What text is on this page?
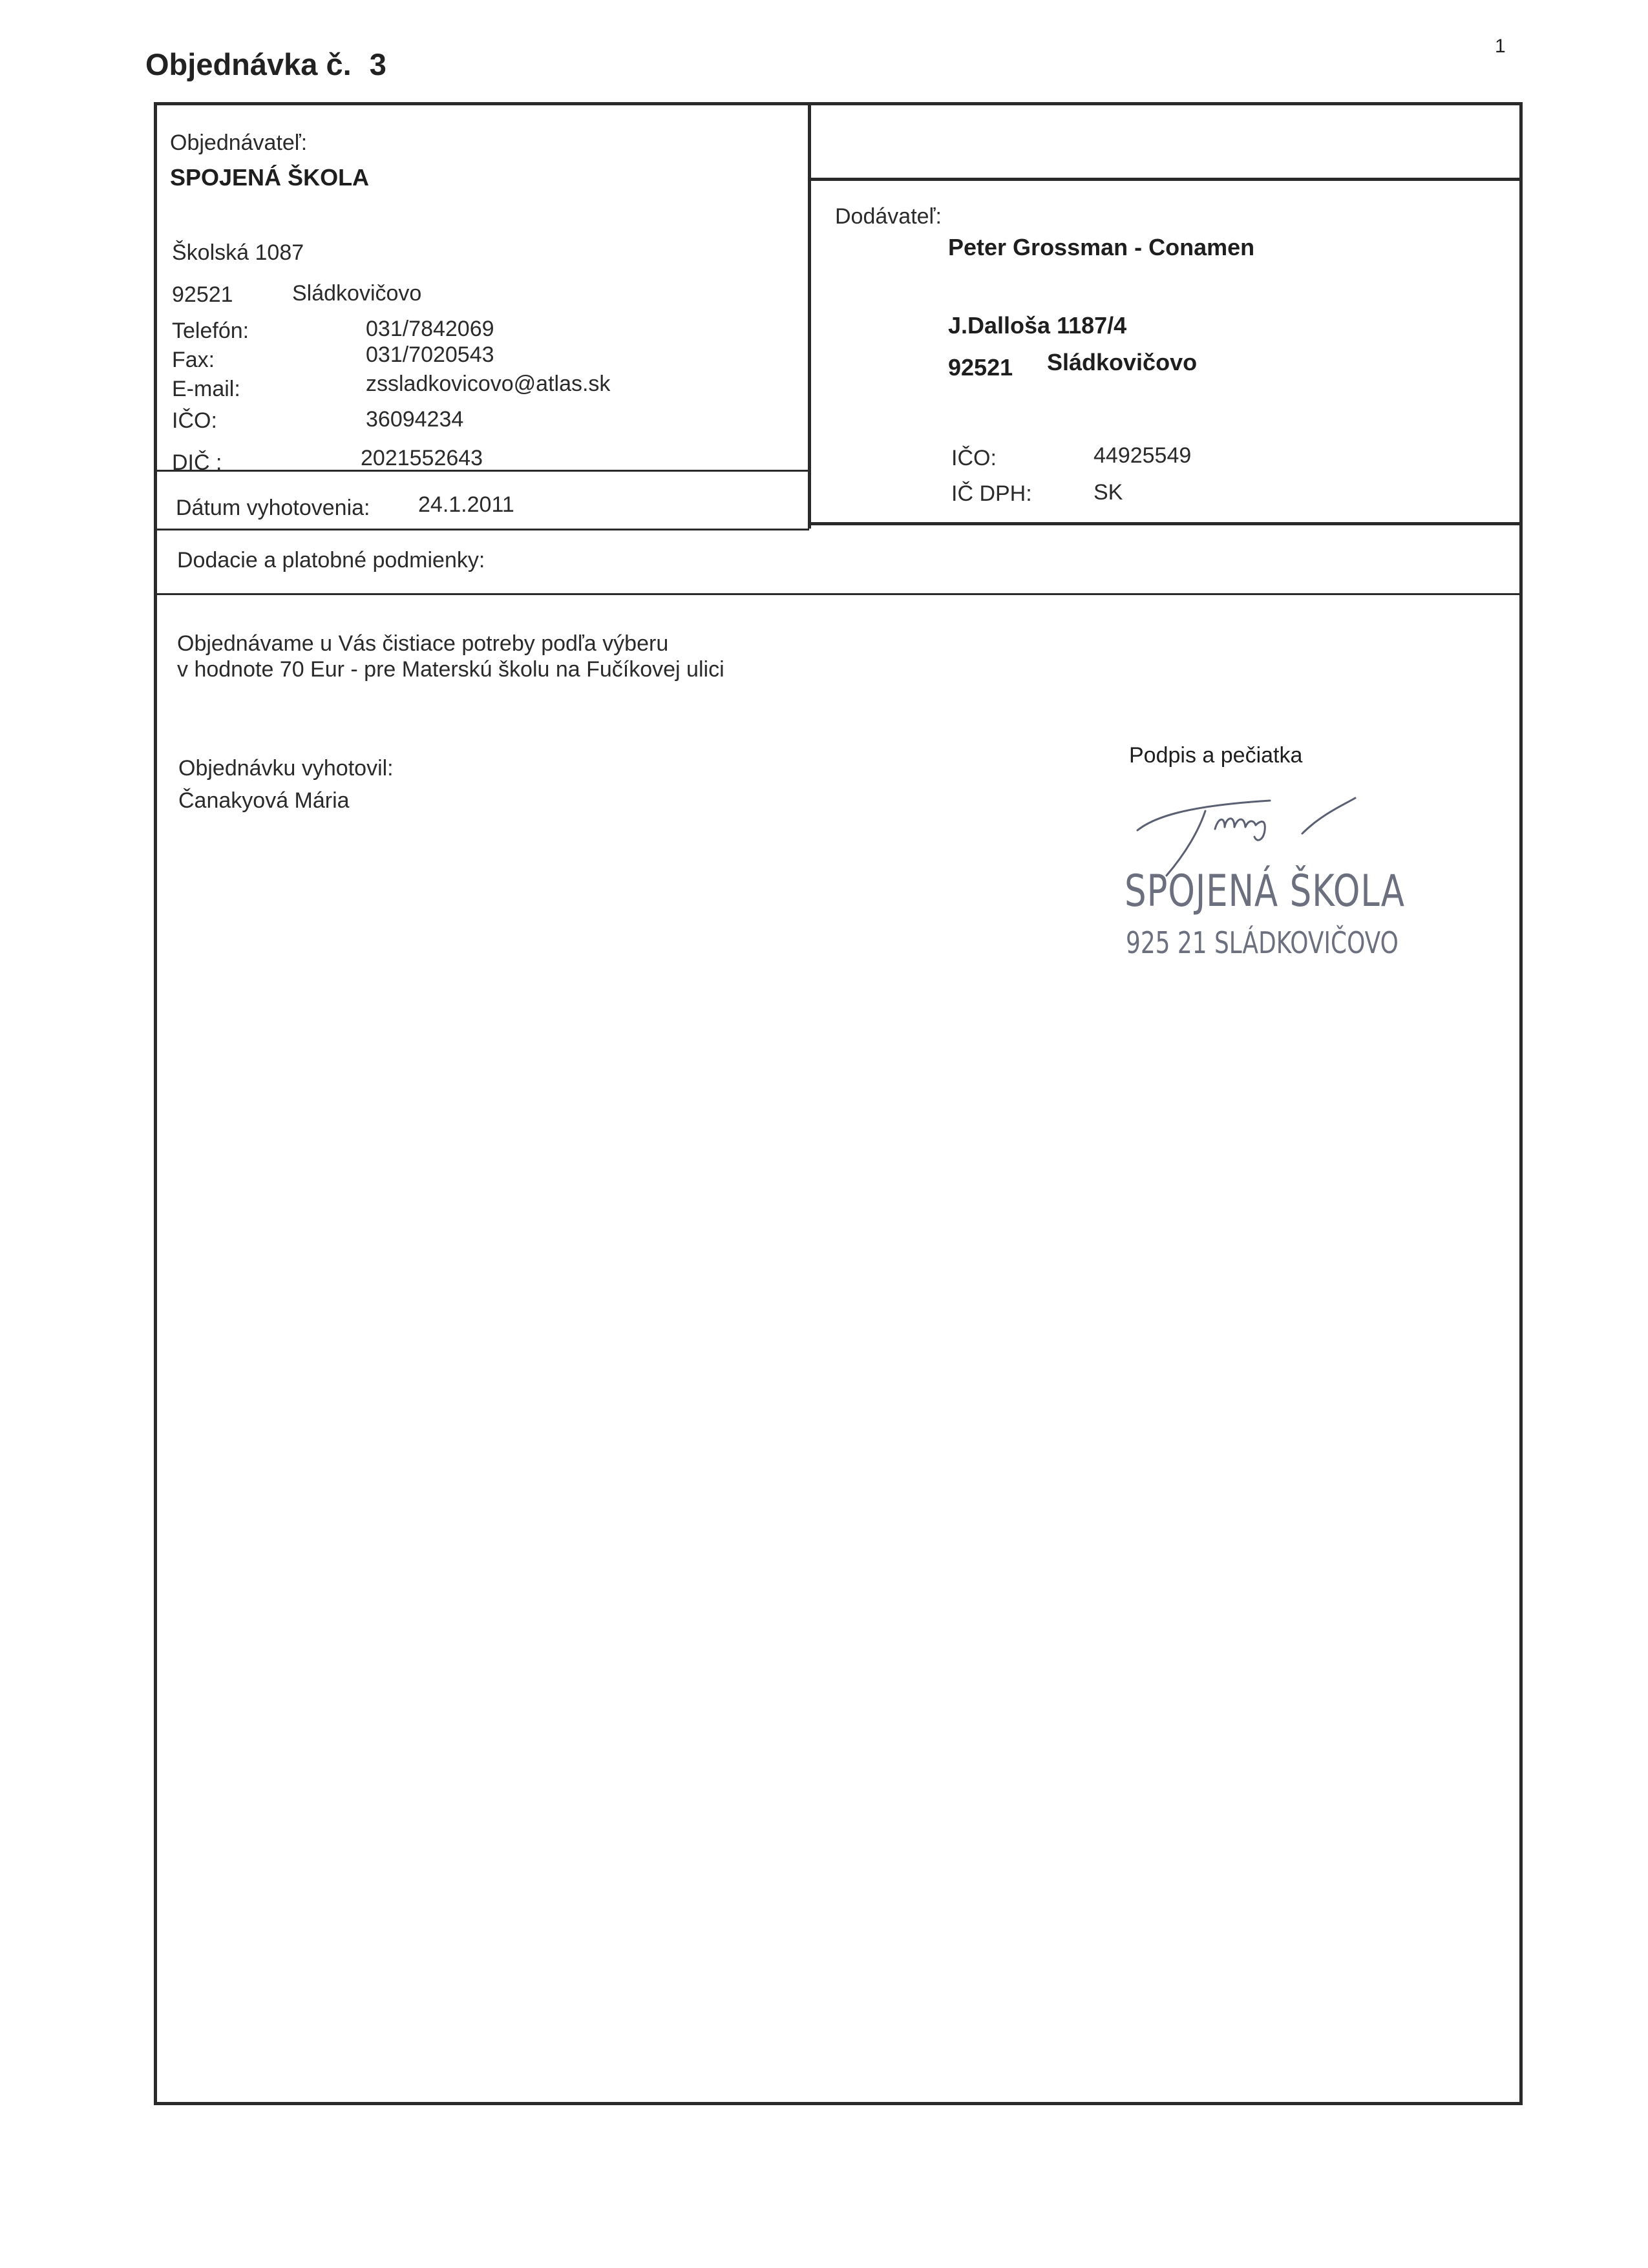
Objednávka č. 3
1
Objednávateľ:
SPOJENÁ ŠKOLA
Školská 1087
92521	Sládkovičovo
Telefón:	031/7842069
Fax:	031/7020543
E-mail:	zssladkovicovo@atlas.sk
IČO:	36094234
DIČ :	2021552643
Dátum vyhotovenia: 24.1.2011
Dodávateľ:
Peter Grossman - Conamen
J.Dalloša 1187/4
92521 Sládkovičovo
IČO:	44925549
IČ DPH:	SK
Dodacie a platobné podmienky:
Objednávame u Vás čistiace potreby podľa výberu
v hodnote 70 Eur - pre Materskú školu na Fučíkovej ulici
Objednávku vyhotovil:
Čanakyová Mária
Podpis a pečiatka
SPOJENÁ ŠKOLA
925 21 SLÁDKOVIČOVO
